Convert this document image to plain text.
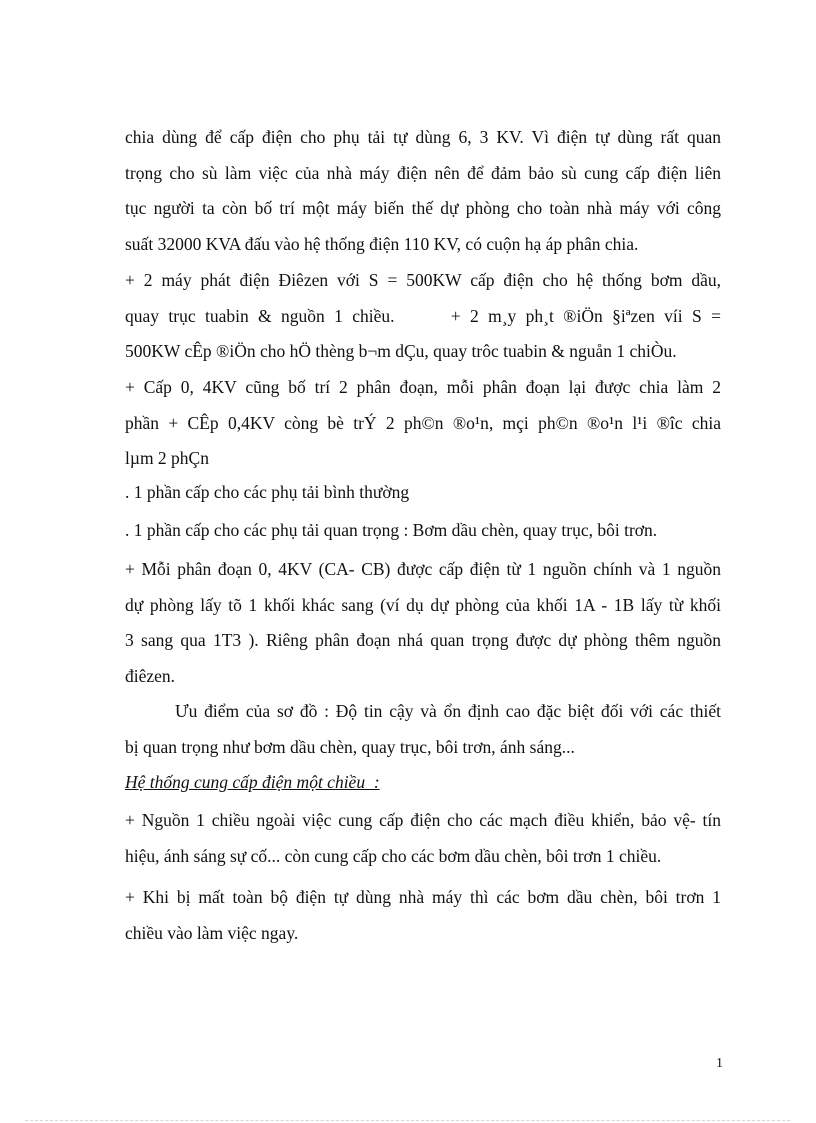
chia dùng để cấp điện cho phụ tải tự dùng 6, 3 KV. Vì điện tự dùng rất quan
trọng cho sù làm việc của nhà máy điện nên để đảm bảo sù cung cấp điện liên
tục người ta còn bố trí một máy biến thế dự phòng cho toàn nhà máy với công
suất 32000 KVA đấu vào hệ thống điện 110 KV, có cuộn hạ áp phân chia.

+ 2 máy phát điện Điêzen với S = 500KW cấp điện cho hệ thống bơm dầu,
quay trục tuabin & nguồn 1 chiều.      + 2 m¸y ph¸t ®iÖn §iªzen víi S =
500KW cÊp ®iÖn cho hÖ thèng b¬m dÇu, quay trôc tuabin & nguån 1 chiÒu.

+ Cấp 0, 4KV cũng bố trí 2 phân đoạn, mỗi phân đoạn lại được chia làm 2
phần + CÊp 0,4KV còng bè trÝ 2 ph©n ®o¹n, mçi ph©n ®o¹n l¹i ®îc chia
lµm 2 phÇn

. 1 phần cấp cho các phụ tải bình thường

. 1 phần cấp cho các phụ tải quan trọng : Bơm dầu chèn, quay trục, bôi trơn.

+ Mỗi phân đoạn 0, 4KV (CA- CB) được cấp điện từ 1 nguồn chính và 1 nguồn
dự phòng lấy tõ 1 khối khác sang (ví dụ dự phòng của khối 1A - 1B lấy từ khối
3 sang qua 1T3 ). Riêng phân đoạn nhá quan trọng được dự phòng thêm nguồn
điêzen.

Ưu điểm của sơ đồ : Độ tin cậy và ổn định cao đặc biệt đối với các thiết
bị quan trọng như bơm dầu chèn, quay trục, bôi trơn, ánh sáng...

Hệ thống cung cấp điện một chiều  :

+ Nguồn 1 chiều ngoài việc cung cấp điện cho các mạch điều khiển, bảo vệ- tín
hiệu, ánh sáng sự cố... còn cung cấp cho các bơm dầu chèn, bôi trơn 1 chiều.

+ Khi bị mất toàn bộ điện tự dùng nhà máy thì các bơm dầu chèn, bôi trơn 1
chiều vào làm việc ngay.

1
